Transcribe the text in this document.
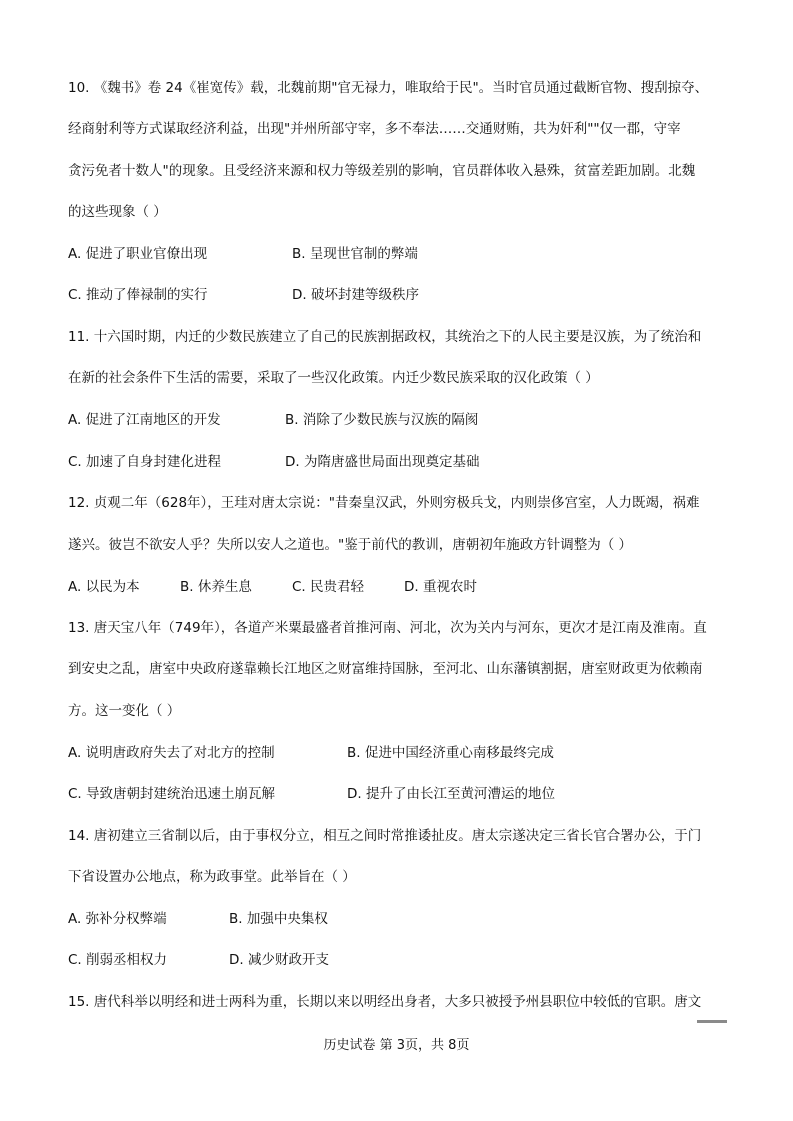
10. 《魏书》卷 24《崔宽传》载，北魏前期"官无禄力，唯取给于民"。当时官员通过截断官物、搜刮掠夺、
经商射利等方式谋取经济利益，出现"并州所部守宰，多不奉法……交通财贿，共为奸利""仅一郡，守宰
贪污免者十数人"的现象。且受经济来源和权力等级差别的影响，官员群体收入悬殊，贫富差距加剧。北魏
的这些现象（ ）
A. 促进了职业官僚出现	B. 呈现世官制的弊端
C. 推动了俸禄制的实行	D. 破坏封建等级秩序
11. 十六国时期，内迁的少数民族建立了自己的民族割据政权，其统治之下的人民主要是汉族，为了统治和
在新的社会条件下生活的需要，采取了一些汉化政策。内迁少数民族采取的汉化政策（ ）
A. 促进了江南地区的开发	B. 消除了少数民族与汉族的隔阂
C. 加速了自身封建化进程	D. 为隋唐盛世局面出现奠定基础
12. 贞观二年（628年），王珪对唐太宗说："昔秦皇汉武，外则穷极兵戈，内则崇侈宫室，人力既竭，祸难
遂兴。彼岂不欲安人乎？失所以安人之道也。"鉴于前代的教训，唐朝初年施政方针调整为（ ）
A. 以民为本	B. 休养生息	C. 民贵君轻	D. 重视农时
13. 唐天宝八年（749年），各道产米粟最盛者首推河南、河北，次为关内与河东，更次才是江南及淮南。直
到安史之乱，唐室中央政府遂靠赖长江地区之财富维持国脉，至河北、山东藩镇割据，唐室财政更为依赖南
方。这一变化（ ）
A. 说明唐政府失去了对北方的控制	B. 促进中国经济重心南移最终完成
C. 导致唐朝封建统治迅速土崩瓦解	D. 提升了由长江至黄河漕运的地位
14. 唐初建立三省制以后，由于事权分立，相互之间时常推诿扯皮。唐太宗遂决定三省长官合署办公，于门
下省设置办公地点，称为政事堂。此举旨在（ ）
A. 弥补分权弊端	B. 加强中央集权
C. 削弱丞相权力	D. 减少财政开支
15. 唐代科举以明经和进士两科为重，长期以来以明经出身者，大多只被授予州县职位中较低的官职。唐文
历史试卷 第 3页，共 8页
